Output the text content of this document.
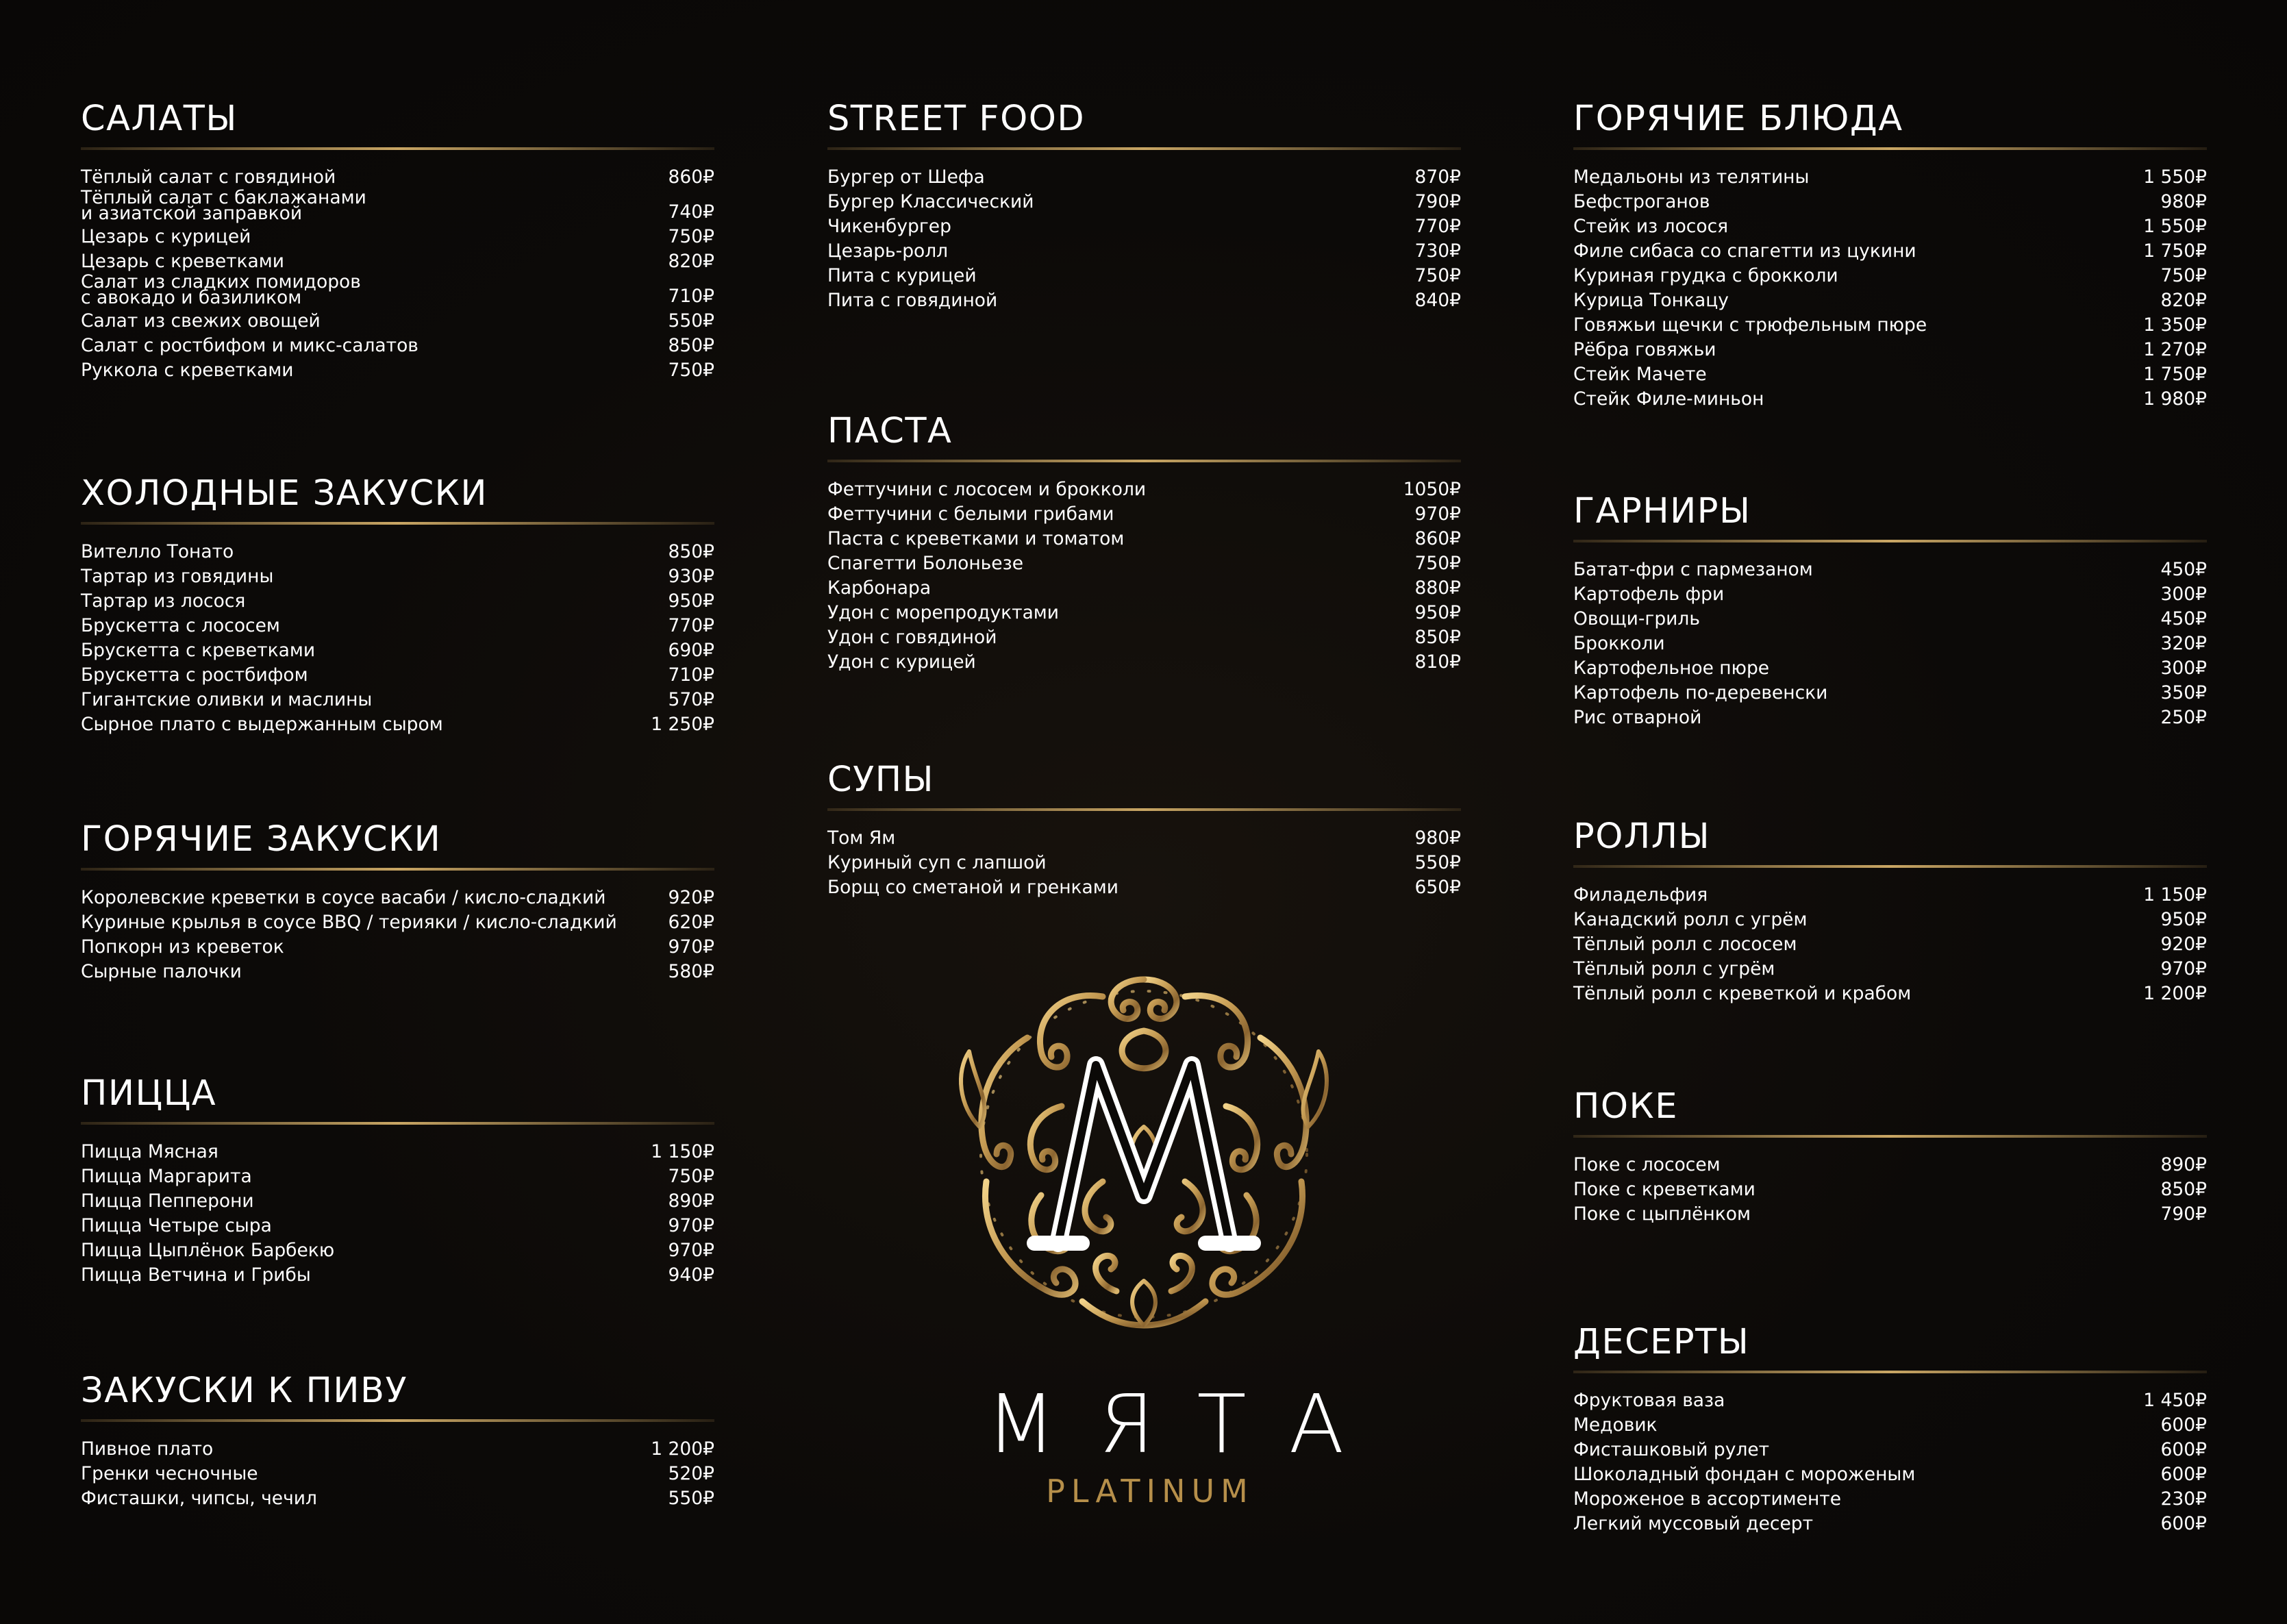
САЛАТЫ
Тёплый салат с говядиной	860₽
Тёплый салат с баклажанами
и азиатской заправкой	740₽
Цезарь с курицей	750₽
Цезарь с креветками	820₽
Салат из сладких помидоров
с авокадо и базиликом	710₽
Салат из свежих овощей	550₽
Салат с ростбифом и микс-салатов	850₽
Руккола с креветками	750₽
ХОЛОДНЫЕ ЗАКУСКИ
Вителло Тонато	850₽
Тартар из говядины	930₽
Тартар из лосося	950₽
Брускетта с лососем	770₽
Брускетта с креветками	690₽
Брускетта с ростбифом	710₽
Гигантские оливки и маслины	570₽
Сырное плато с выдержанным сыром	1 250₽
ГОРЯЧИЕ ЗАКУСКИ
Королевские креветки в соусе васаби / кисло-сладкий	920₽
Куриные крылья в соусе BBQ / терияки / кисло-сладкий	620₽
Попкорн из креветок	970₽
Сырные палочки	580₽
ПИЦЦА
Пицца Мясная	1 150₽
Пицца Маргарита	750₽
Пицца Пепперони	890₽
Пицца Четыре сыра	970₽
Пицца Цыплёнок Барбекю	970₽
Пицца Ветчина и Грибы	940₽
ЗАКУСКИ К ПИВУ
Пивное плато	1 200₽
Гренки чесночные	520₽
Фисташки, чипсы, чечил	550₽
STREET FOOD
Бургер от Шефа	870₽
Бургер Классический	790₽
Чикенбургер	770₽
Цезарь-ролл	730₽
Пита с курицей	750₽
Пита с говядиной	840₽
ПАСТА
Феттучини с лососем и брокколи	1050₽
Феттучини с белыми грибами	970₽
Паста с креветками и томатом	860₽
Спагетти Болоньезе	750₽
Карбонара	880₽
Удон с морепродуктами	950₽
Удон с говядиной	850₽
Удон с курицей	810₽
СУПЫ
Том Ям	980₽
Куриный суп с лапшой	550₽
Борщ со сметаной и гренками	650₽
ГОРЯЧИЕ БЛЮДА
Медальоны из телятины	1 550₽
Бефстроганов	980₽
Стейк из лосося	1 550₽
Филе сибаса со спагетти из цукини	1 750₽
Куриная грудка с брокколи	750₽
Курица Тонкацу	820₽
Говяжьи щечки с трюфельным пюре	1 350₽
Рёбра говяжьи	1 270₽
Стейк Мачете	1 750₽
Стейк Филе-миньон	1 980₽
ГАРНИРЫ
Батат-фри с пармезаном	450₽
Картофель фри	300₽
Овощи-гриль	450₽
Брокколи	320₽
Картофельное пюре	300₽
Картофель по-деревенски	350₽
Рис отварной	250₽
РОЛЛЫ
Филадельфия	1 150₽
Канадский ролл с угрём	950₽
Тёплый ролл с лососем	920₽
Тёплый ролл с угрём	970₽
Тёплый ролл с креветкой и крабом	1 200₽
ПОКЕ
Поке с лососем	890₽
Поке с креветками	850₽
Поке с цыплёнком	790₽
ДЕСЕРТЫ
Фруктовая ваза	1 450₽
Медовик	600₽
Фисташковый рулет	600₽
Шоколадный фондан с мороженым	600₽
Мороженое в ассортименте	230₽
Легкий муссовый десерт	600₽
МЯТА
PLATINUM
